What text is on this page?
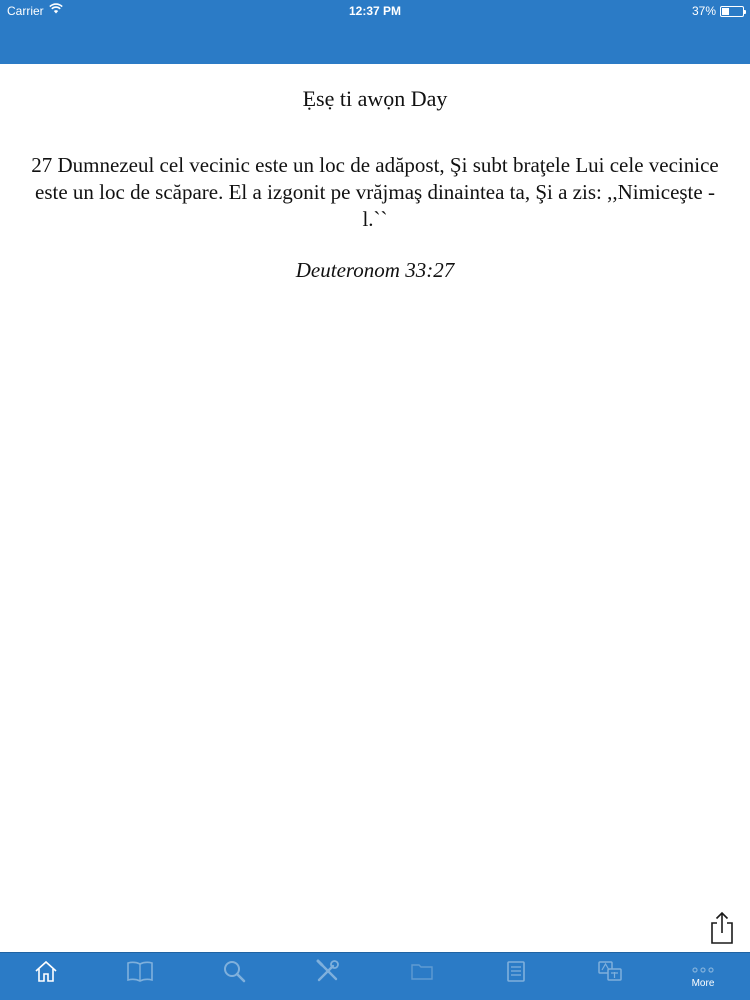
Carrier	12:37 PM	37%
Ẹsẹ ti awọn Day
27 Dumnezeul cel vecinic este un loc de adăpost, Şi subt braţele Lui cele vecinice este un loc de scăpare. El a izgonit pe vrăjmaş dinaintea ta, Şi a zis: ,,Nimiceşte -l.``
Deuteronom 33:27
More
